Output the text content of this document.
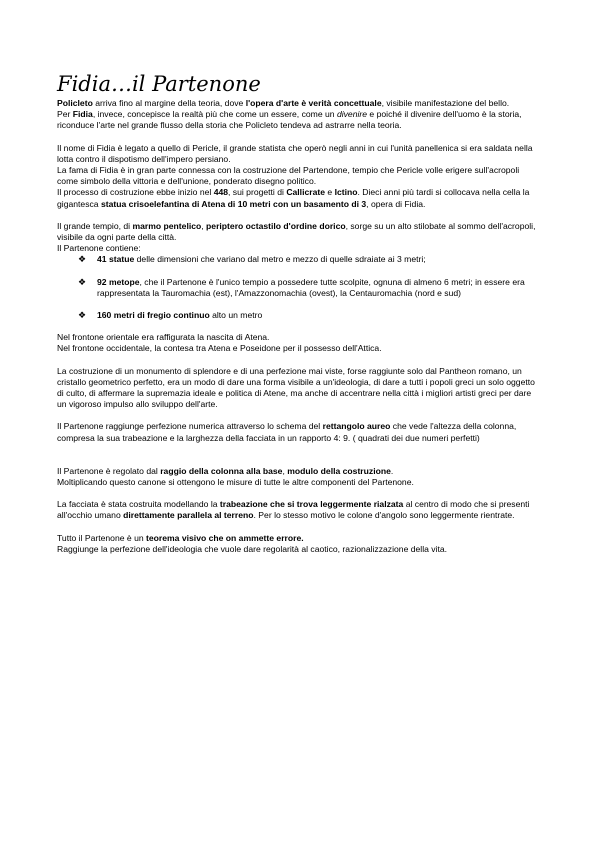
Fidia…il Partenone

Policleto arriva fino al margine della teoria, dove l'opera d'arte è verità concettuale, visibile manifestazione del bello.

Per Fidia, invece, concepisce la realtà più che come un essere, come un divenire e poiché il divenire dell'uomo è la storia, riconduce l'arte nel grande flusso della storia che Policleto tendeva ad astrarre nella teoria.

Il nome di Fidia è legato a quello di Pericle, il grande statista che operò negli anni in cui l'unità panellenica si era saldata nella lotta contro il dispotismo dell'impero persiano.

La fama di Fidia è in gran parte connessa con la costruzione del Partendone, tempio che Pericle volle erigere sull'acropoli come simbolo della vittoria e dell'unione, ponderato disegno politico.

Il processo di costruzione ebbe inizio nel 448, sui progetti di Callicrate e Ictino. Dieci anni più tardi si collocava nella cella la gigantesca statua crisoelefantina di Atena di 10 metri con un basamento di 3, opera di Fidia.

Il grande tempio, di marmo pentelico, periptero octastilo d'ordine dorico, sorge su un alto stilobate al sommo dell'acropoli, visibile da ogni parte della città.

Il Partenone contiene:

❖ 41 statue delle dimensioni che variano dal metro e mezzo di quelle sdraiate ai 3 metri;
❖ 92 metope, che il Partenone è l'unico tempio a possedere tutte scolpite, ognuna di almeno 6 metri; in essere era rappresentata la Tauromachia (est), l'Amazzonomachia (ovest), la Centauromachia (nord e sud)
❖ 160 metri di fregio continuo alto un metro

Nel frontone orientale era raffigurata la nascita di Atena.

Nel frontone occidentale, la contesa tra Atena e Poseidone per il possesso dell'Attica.

La costruzione di un monumento di splendore e di una perfezione mai viste, forse raggiunte solo dal Pantheon romano, un cristallo geometrico perfetto, era un modo di dare una forma visibile a un'ideologia, di dare a tutti i popoli greci un solo oggetto di culto, di affermare la supremazia ideale e politica di Atene, ma anche di accentrare nella città i migliori artisti greci per dare un vigoroso impulso allo sviluppo dell'arte.

Il Partenone raggiunge perfezione numerica attraverso lo schema del rettangolo aureo che vede l'altezza della colonna, compresa la sua trabeazione e la larghezza della facciata in un rapporto 4: 9. ( quadrati dei due numeri perfetti)

Il Partenone è regolato dal raggio della colonna alla base, modulo della costruzione.

Moltiplicando questo canone si ottengono le misure di tutte le altre componenti del Partenone.

La facciata è stata costruita modellando la trabeazione che si trova leggermente rialzata al centro di modo che si presenti all'occhio umano direttamente parallela al terreno. Per lo stesso motivo le colone d'angolo sono leggermente rientrate.

Tutto il Partenone è un teorema visivo che on ammette errore.

Raggiunge la perfezione dell'ideologia che vuole dare regolarità al caotico, razionalizzazione della vita.
